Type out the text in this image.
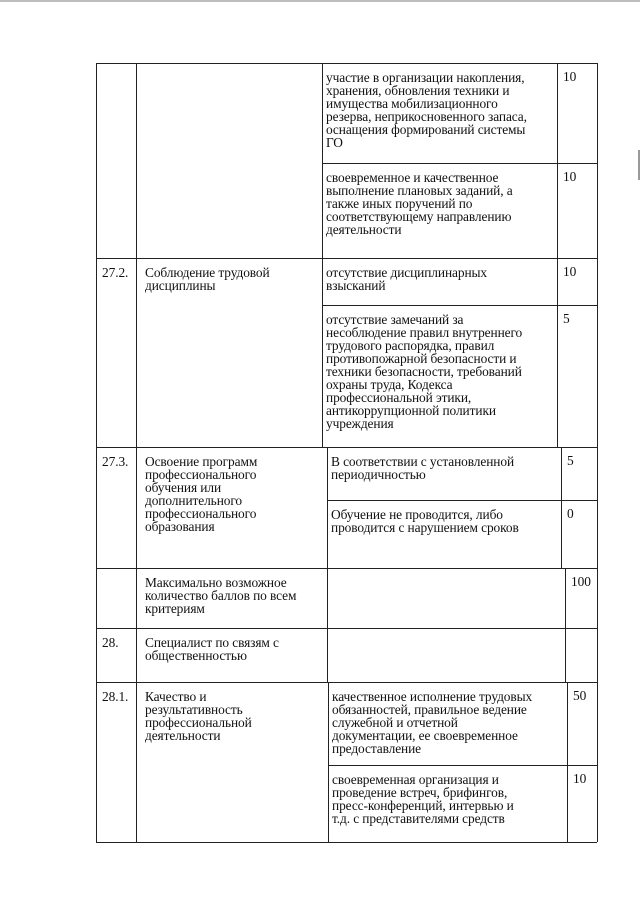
участие в организации накопления,
хранения, обновления техники и
имущества мобилизационного
резерва, неприкосновенного запаса,
оснащения формирований системы
ГО
10
своевременное и качественное
выполнение плановых заданий, а
также иных поручений по
соответствующему направлению
деятельности
10
27.2. Соблюдение трудовой
дисциплины
отсутствие дисциплинарных
взысканий
10
отсутствие замечаний за
несоблюдение правил внутреннего
трудового распорядка, правил
противопожарной безопасности и
техники безопасности, требований
охраны труда, Кодекса
профессиональной этики,
антикоррупционной политики
учреждения
5
27.3. Освоение программ
профессионального
обучения или
дополнительного
профессионального
образования
В соответствии с установленной
периодичностью
5
Обучение не проводится, либо
проводится с нарушением сроков
0
Максимально возможное
количество баллов по всем
критериям
100
28. Специалист по связям с
общественностью
28.1. Качество и
результативность
профессиональной
деятельности
качественное исполнение трудовых
обязанностей, правильное ведение
служебной и отчетной
документации, ее своевременное
предоставление
50
своевременная организация и
проведение встреч, брифингов,
пресс-конференций, интервью и
т.д. с представителями средств
10
